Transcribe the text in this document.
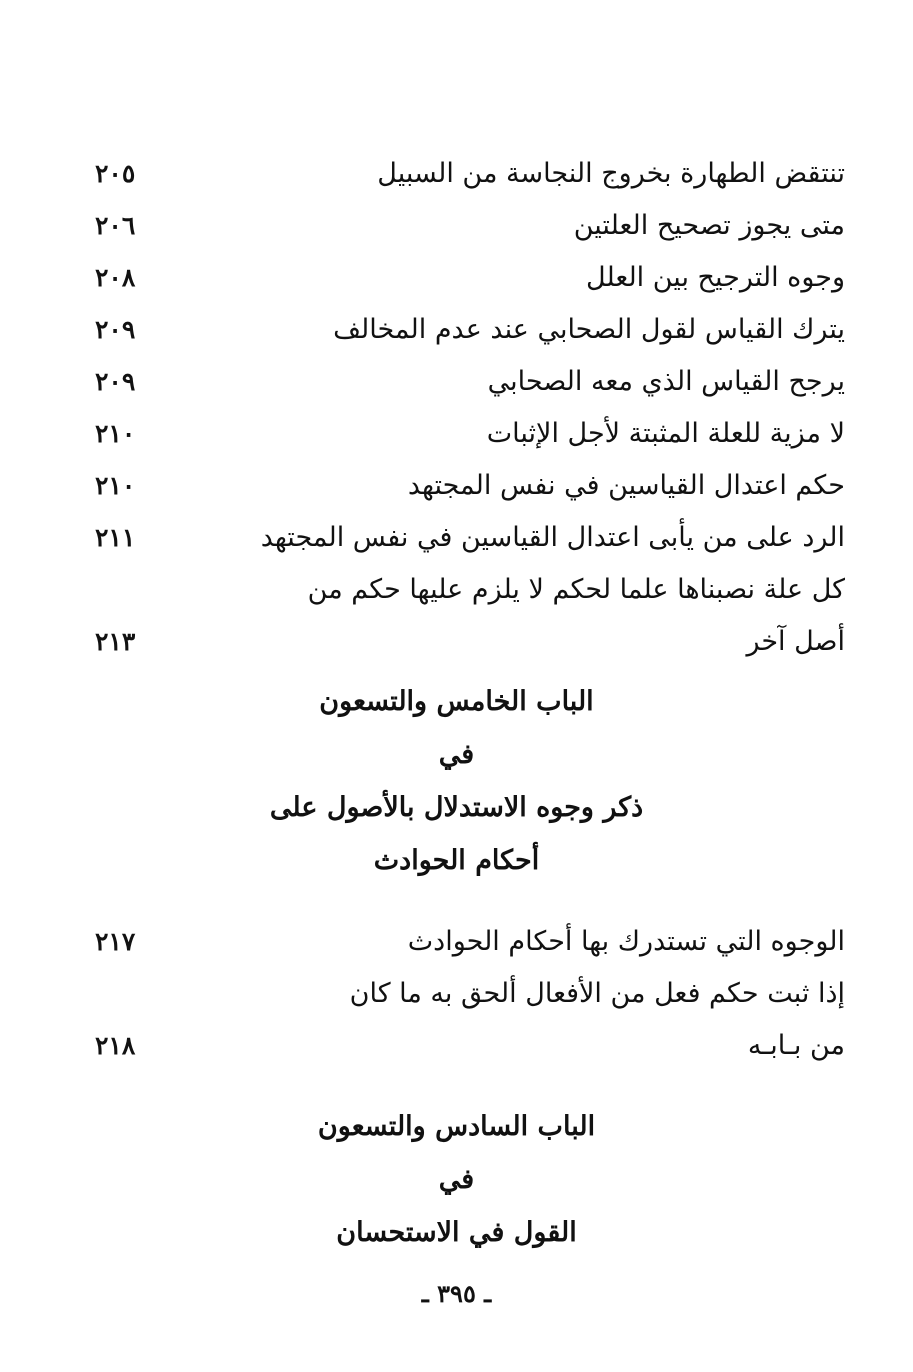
تنتقض الطهارة بخروج النجاسة من السبيل
٢٠٥
متى يجوز تصحيح العلتين
٢٠٦
وجوه الترجيح بين العلل
٢٠٨
يترك القياس لقول الصحابي عند عدم المخالف
٢٠٩
يرجح القياس الذي معه الصحابي
٢٠٩
لا مزية للعلة المثبتة لأجل الإثبات
٢١٠
حكم اعتدال القياسين في نفس المجتهد
٢١٠
الرد على من يأبى اعتدال القياسين في نفس المجتهد
٢١١
كل علة نصبناها علما لحكم لا يلزم عليها حكم من
أصل آخر
٢١٣
الباب الخامس والتسعون
في
ذكر وجوه الاستدلال بالأصول على
أحكام الحوادث
الوجوه التي تستدرك بها أحكام الحوادث
٢١٧
إذا ثبت حكم فعل من الأفعال ألحق به ما كان
من بـابـه
٢١٨
الباب السادس والتسعون
في
القول في الاستحسان
ـ ٣٩٥ ـ
